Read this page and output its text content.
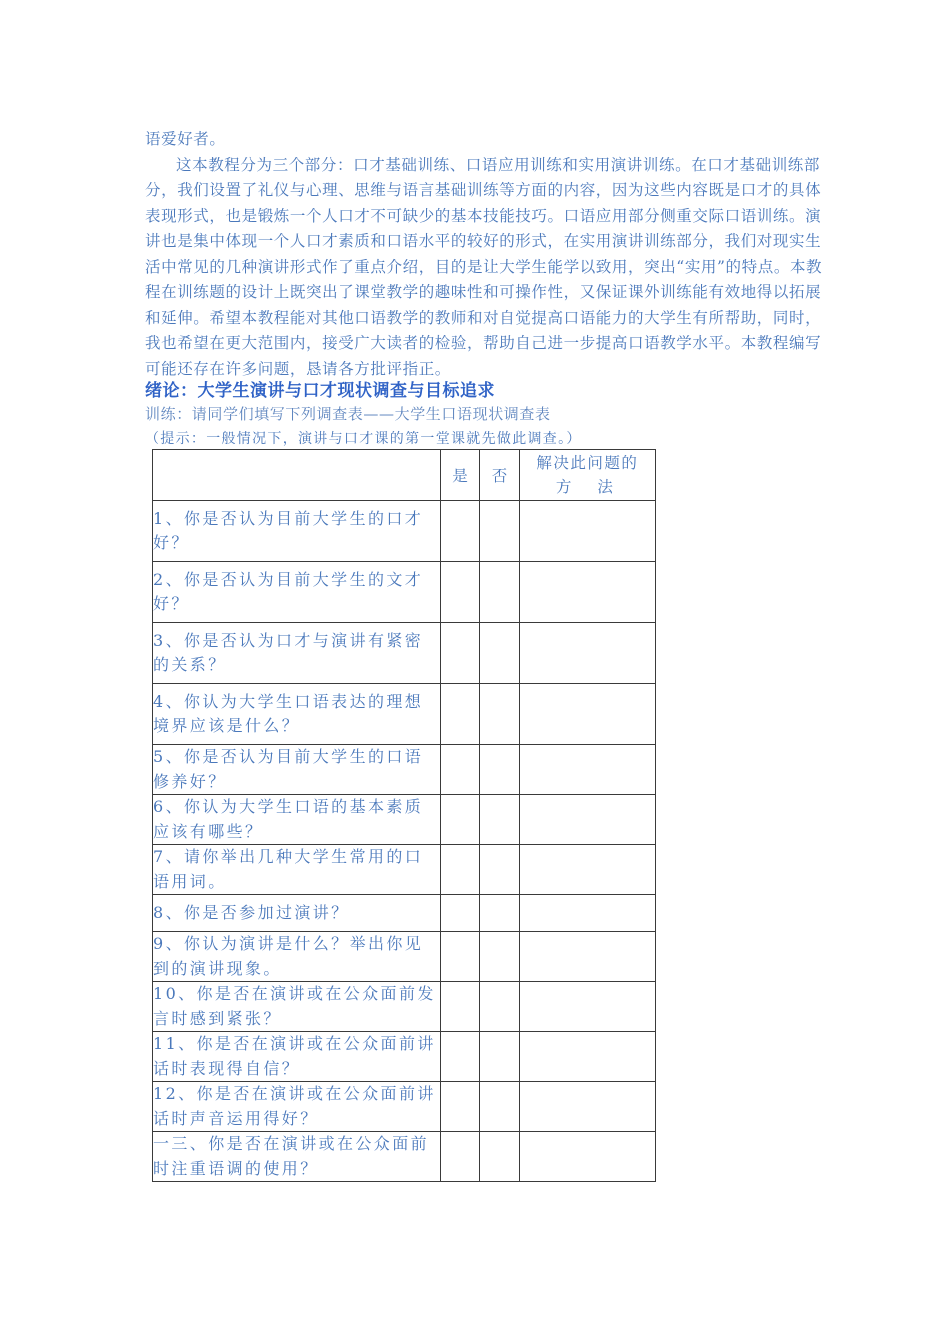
语爱好者。

这本教程分为三个部分：口才基础训练、口语应用训练和实用演讲训练。在口才基础训练部分，我们设置了礼仪与心理、思维与语言基础训练等方面的内容，因为这些内容既是口才的具体表现形式，也是锻炼一个人口才不可缺少的基本技能技巧。口语应用部分侧重交际口语训练。演讲也是集中体现一个人口才素质和口语水平的较好的形式，在实用演讲训练部分，我们对现实生活中常见的几种演讲形式作了重点介绍，目的是让大学生能学以致用，突出“实用”的特点。本教程在训练题的设计上既突出了课堂教学的趣味性和可操作性，又保证课外训练能有效地得以拓展和延伸。希望本教程能对其他口语教学的教师和对自觉提高口语能力的大学生有所帮助，同时，我也希望在更大范围内，接受广大读者的检验，帮助自己进一步提高口语教学水平。本教程编写可能还存在许多问题，恳请各方批评指正。

绪论：大学生演讲与口才现状调查与目标追求
训练：请同学们填写下列调查表——大学生口语现状调查表
（提示：一般情况下，演讲与口才课的第一堂课就先做此调查。）
	是	否	解决此问题的
方法

1、你是否认为目前大学生的口才好？			
2、你是否认为目前大学生的文才好？			
3、你是否认为口才与演讲有紧密的关系？			
4、你认为大学生口语表达的理想境界应该是什么？			
5、你是否认为目前大学生的口语修养好？			
6、你认为大学生口语的基本素质应该有哪些？			
7、请你举出几种大学生常用的口语用词。			
8、你是否参加过演讲？			
9、你认为演讲是什么？举出你见到的演讲现象。			
10、你是否在演讲或在公众面前发言时感到紧张？			
11、你是否在演讲或在公众面前讲话时表现得自信？			
12、你是否在演讲或在公众面前讲话时声音运用得好？			
一三、你是否在演讲或在公众面前时注重语调的使用？			
